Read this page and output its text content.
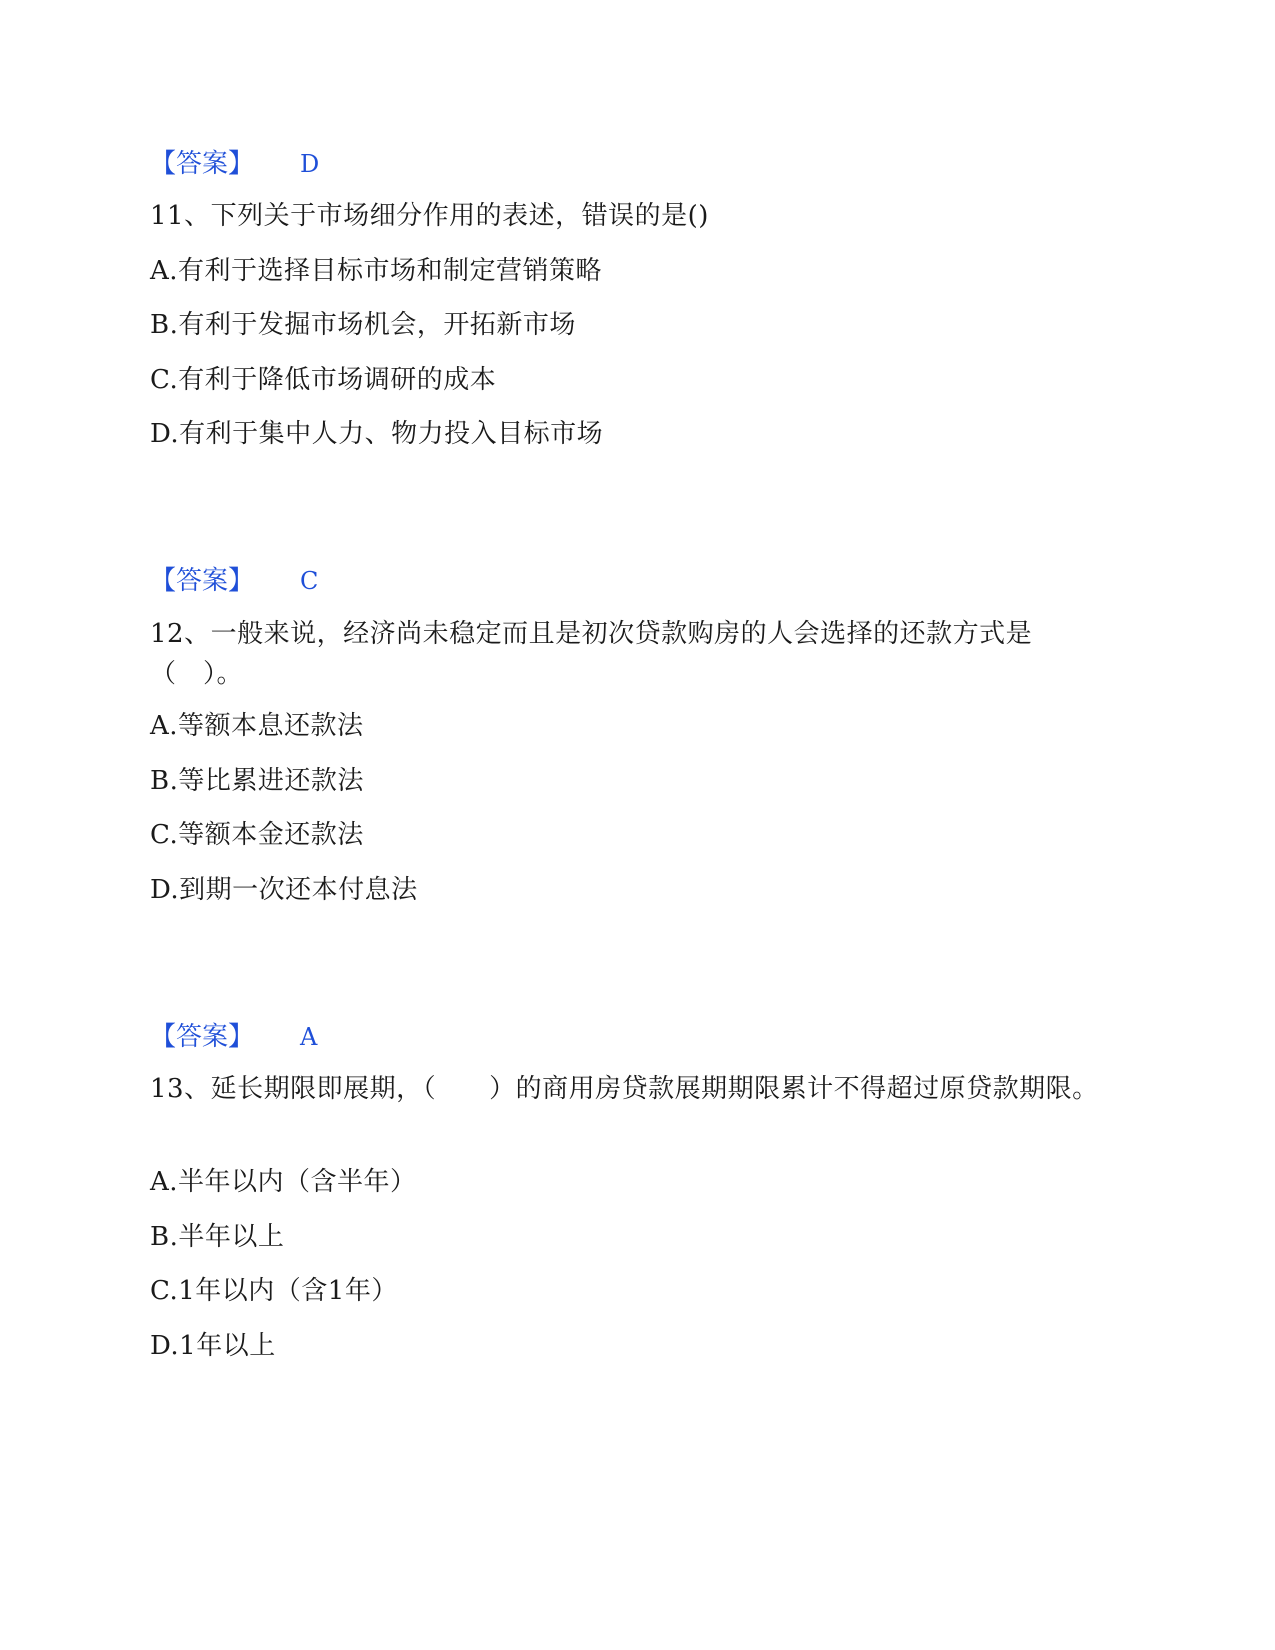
【答案】 D
11、下列关于市场细分作用的表述，错误的是()
A.有利于选择目标市场和制定营销策略
B.有利于发掘市场机会，开拓新市场
C.有利于降低市场调研的成本
D.有利于集中人力、物力投入目标市场
【答案】 C
12、一般来说，经济尚未稳定而且是初次贷款购房的人会选择的还款方式是（　）。
A.等额本息还款法
B.等比累进还款法
C.等额本金还款法
D.到期一次还本付息法
【答案】 A
13、延长期限即展期，（　　）的商用房贷款展期期限累计不得超过原贷款期限。
A.半年以内（含半年）
B.半年以上
C.1年以内（含1年）
D.1年以上
